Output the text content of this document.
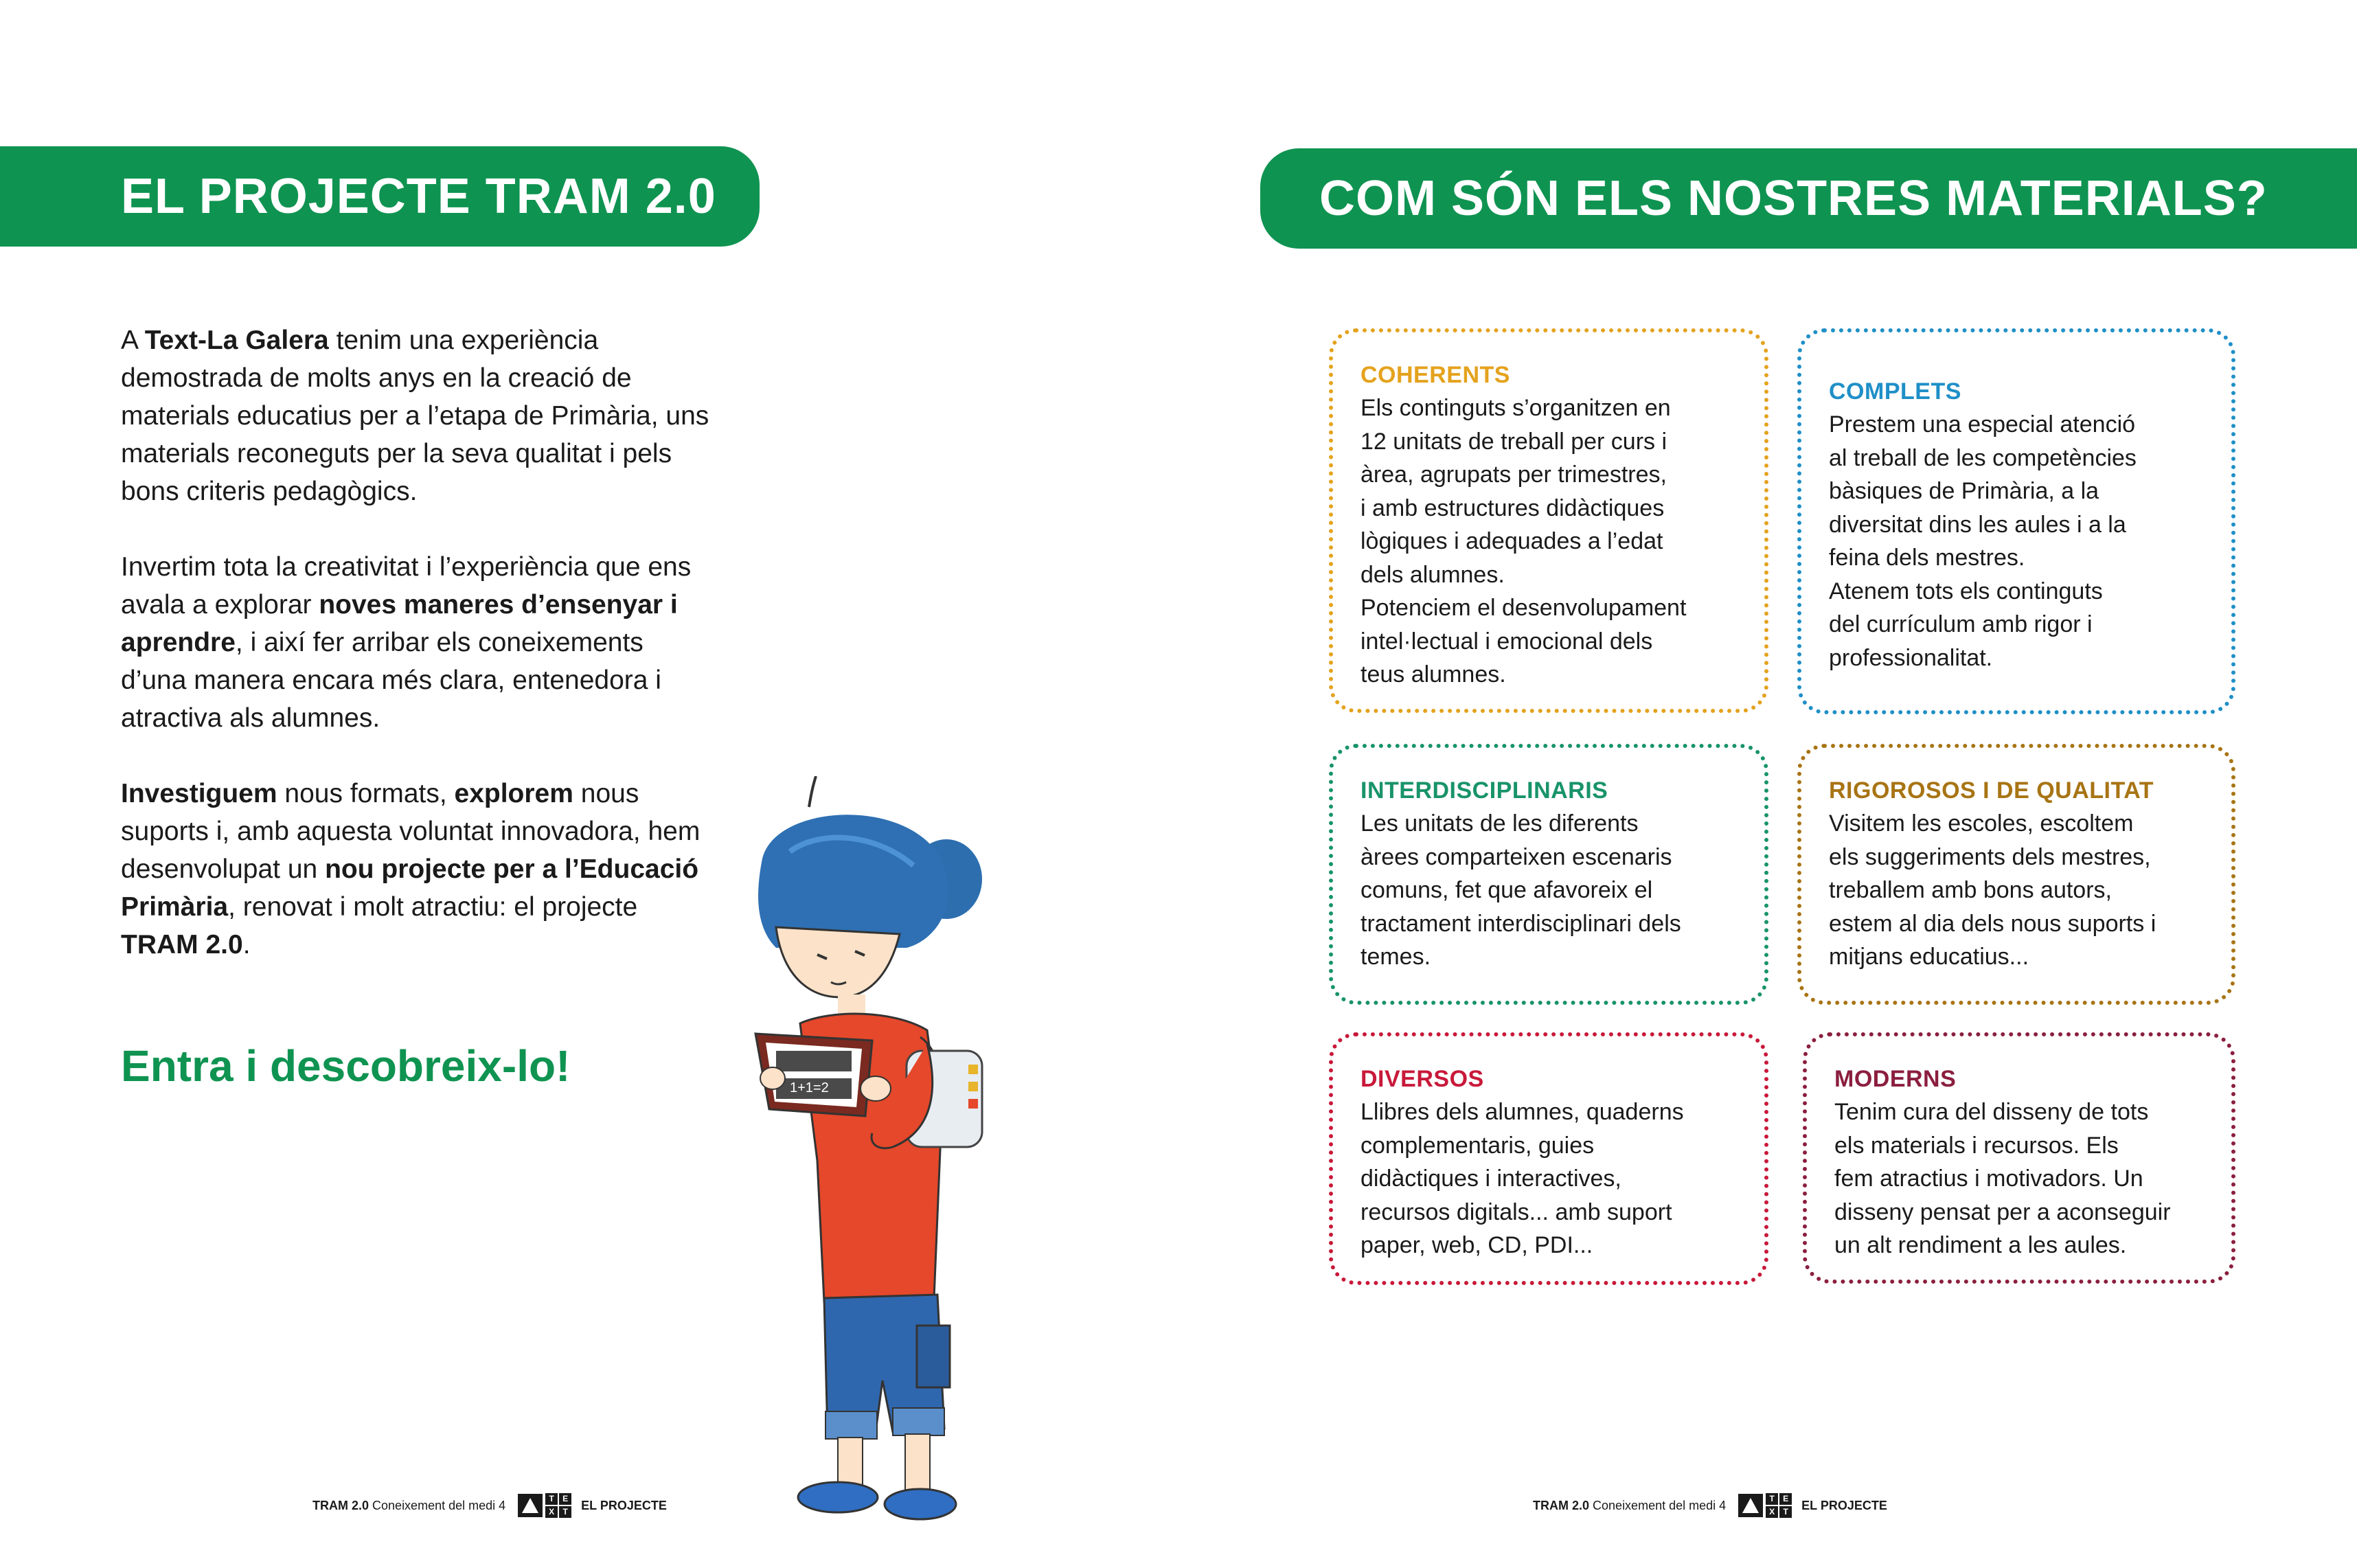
EL PROJECTE TRAM 2.0

A Text-La Galera tenim una experiència demostrada de molts anys en la creació de materials educatius per a l’etapa de Primària, uns materials reconeguts per la seva qualitat i pels bons criteris pedagògics.

Invertim tota la creativitat i l’experiència que ens avala a explorar noves maneres d’ensenyar i aprendre, i així fer arribar els coneixements d’una manera encara més clara, entenedora i atractiva als alumnes.

Investiguem nous formats, explorem nous suports i, amb aquesta voluntat innovadora, hem desenvolupat un nou projecte per a l’Educació Primària, renovat i molt atractiu: el projecte TRAM 2.0.

Entra i descobreix-lo!	1+1=2
COM SÓN ELS NOSTRES MATERIALS?
COHERENTS
Els continguts s’organitzen en
12 unitats de treball per curs i
àrea, agrupats per trimestres,
i amb estructures didàctiques
lògiques i adequades a l’edat
dels alumnes.
Potenciem el desenvolupament
intel·lectual i emocional dels
teus alumnes.
COMPLETS
Prestem una especial atenció
al treball de les competències
bàsiques de Primària, a la
diversitat dins les aules i a la
feina dels mestres.
Atenem tots els continguts
del currículum amb rigor i
professionalitat.
INTERDISCIPLINARIS
Les unitats de les diferents
àrees comparteixen escenaris
comuns, fet que afavoreix el
tractament interdisciplinari dels
temes.
RIGOROSOS I DE QUALITAT
Visitem les escoles, escoltem
els suggeriments dels mestres,
treballem amb bons autors,
estem al dia dels nous suports i
mitjans educatius...
DIVERSOS
Llibres dels alumnes, quaderns
complementaris, guies
didàctiques i interactives,
recursos digitals... amb suport
paper, web, CD, PDI...
MODERNS
Tenim cura del disseny de tots
els materials i recursos. Els
fem atractius i motivadors. Un
disseny pensat per a aconseguir
un alt rendiment a les aules.
TRAM 2.0
Coneixement del medi 4	T	E
X	T EL PROJECTE	TRAM 2.0
Coneixement del medi 4	T	E
X	T EL PROJECTE
